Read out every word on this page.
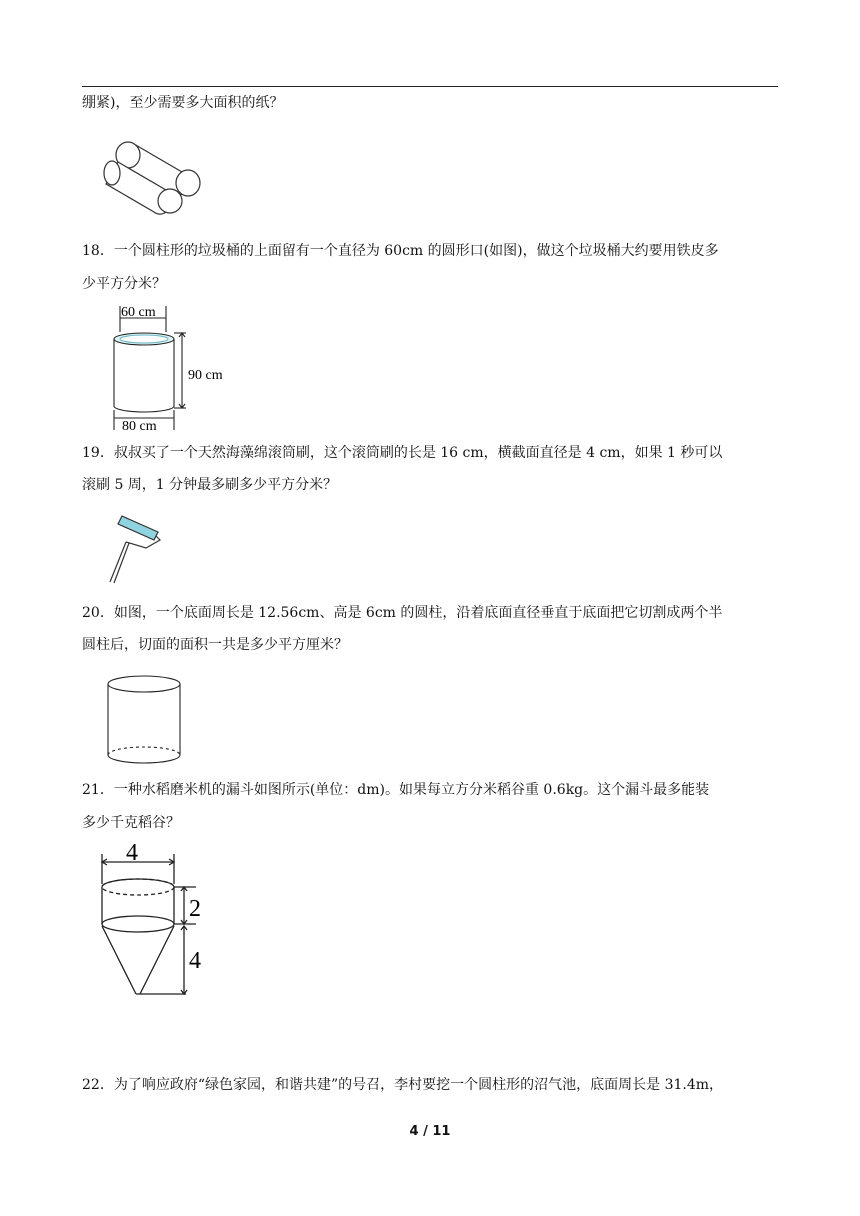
绷紧)，至少需要多大面积的纸？
18．一个圆柱形的垃圾桶的上面留有一个直径为 60cm 的圆形口(如图)，做这个垃圾桶大约要用铁皮多
少平方分米？
60 cm
90 cm
80 cm
19．叔叔买了一个天然海藻绵滚筒刷，这个滚筒刷的长是 16 cm，横截面直径是 4 cm，如果 1 秒可以
滚刷 5 周，1 分钟最多刷多少平方分米？
20．如图，一个底面周长是 12.56cm、高是 6cm 的圆柱，沿着底面直径垂直于底面把它切割成两个半
圆柱后，切面的面积一共是多少平方厘米？
21．一种水稻磨米机的漏斗如图所示(单位：dm)。如果每立方分米稻谷重 0.6kg。这个漏斗最多能装
多少千克稻谷？
4
2
4
22．为了响应政府“绿色家园，和谐共建”的号召，李村要挖一个圆柱形的沼气池，底面周长是 31.4m，
4 / 11
